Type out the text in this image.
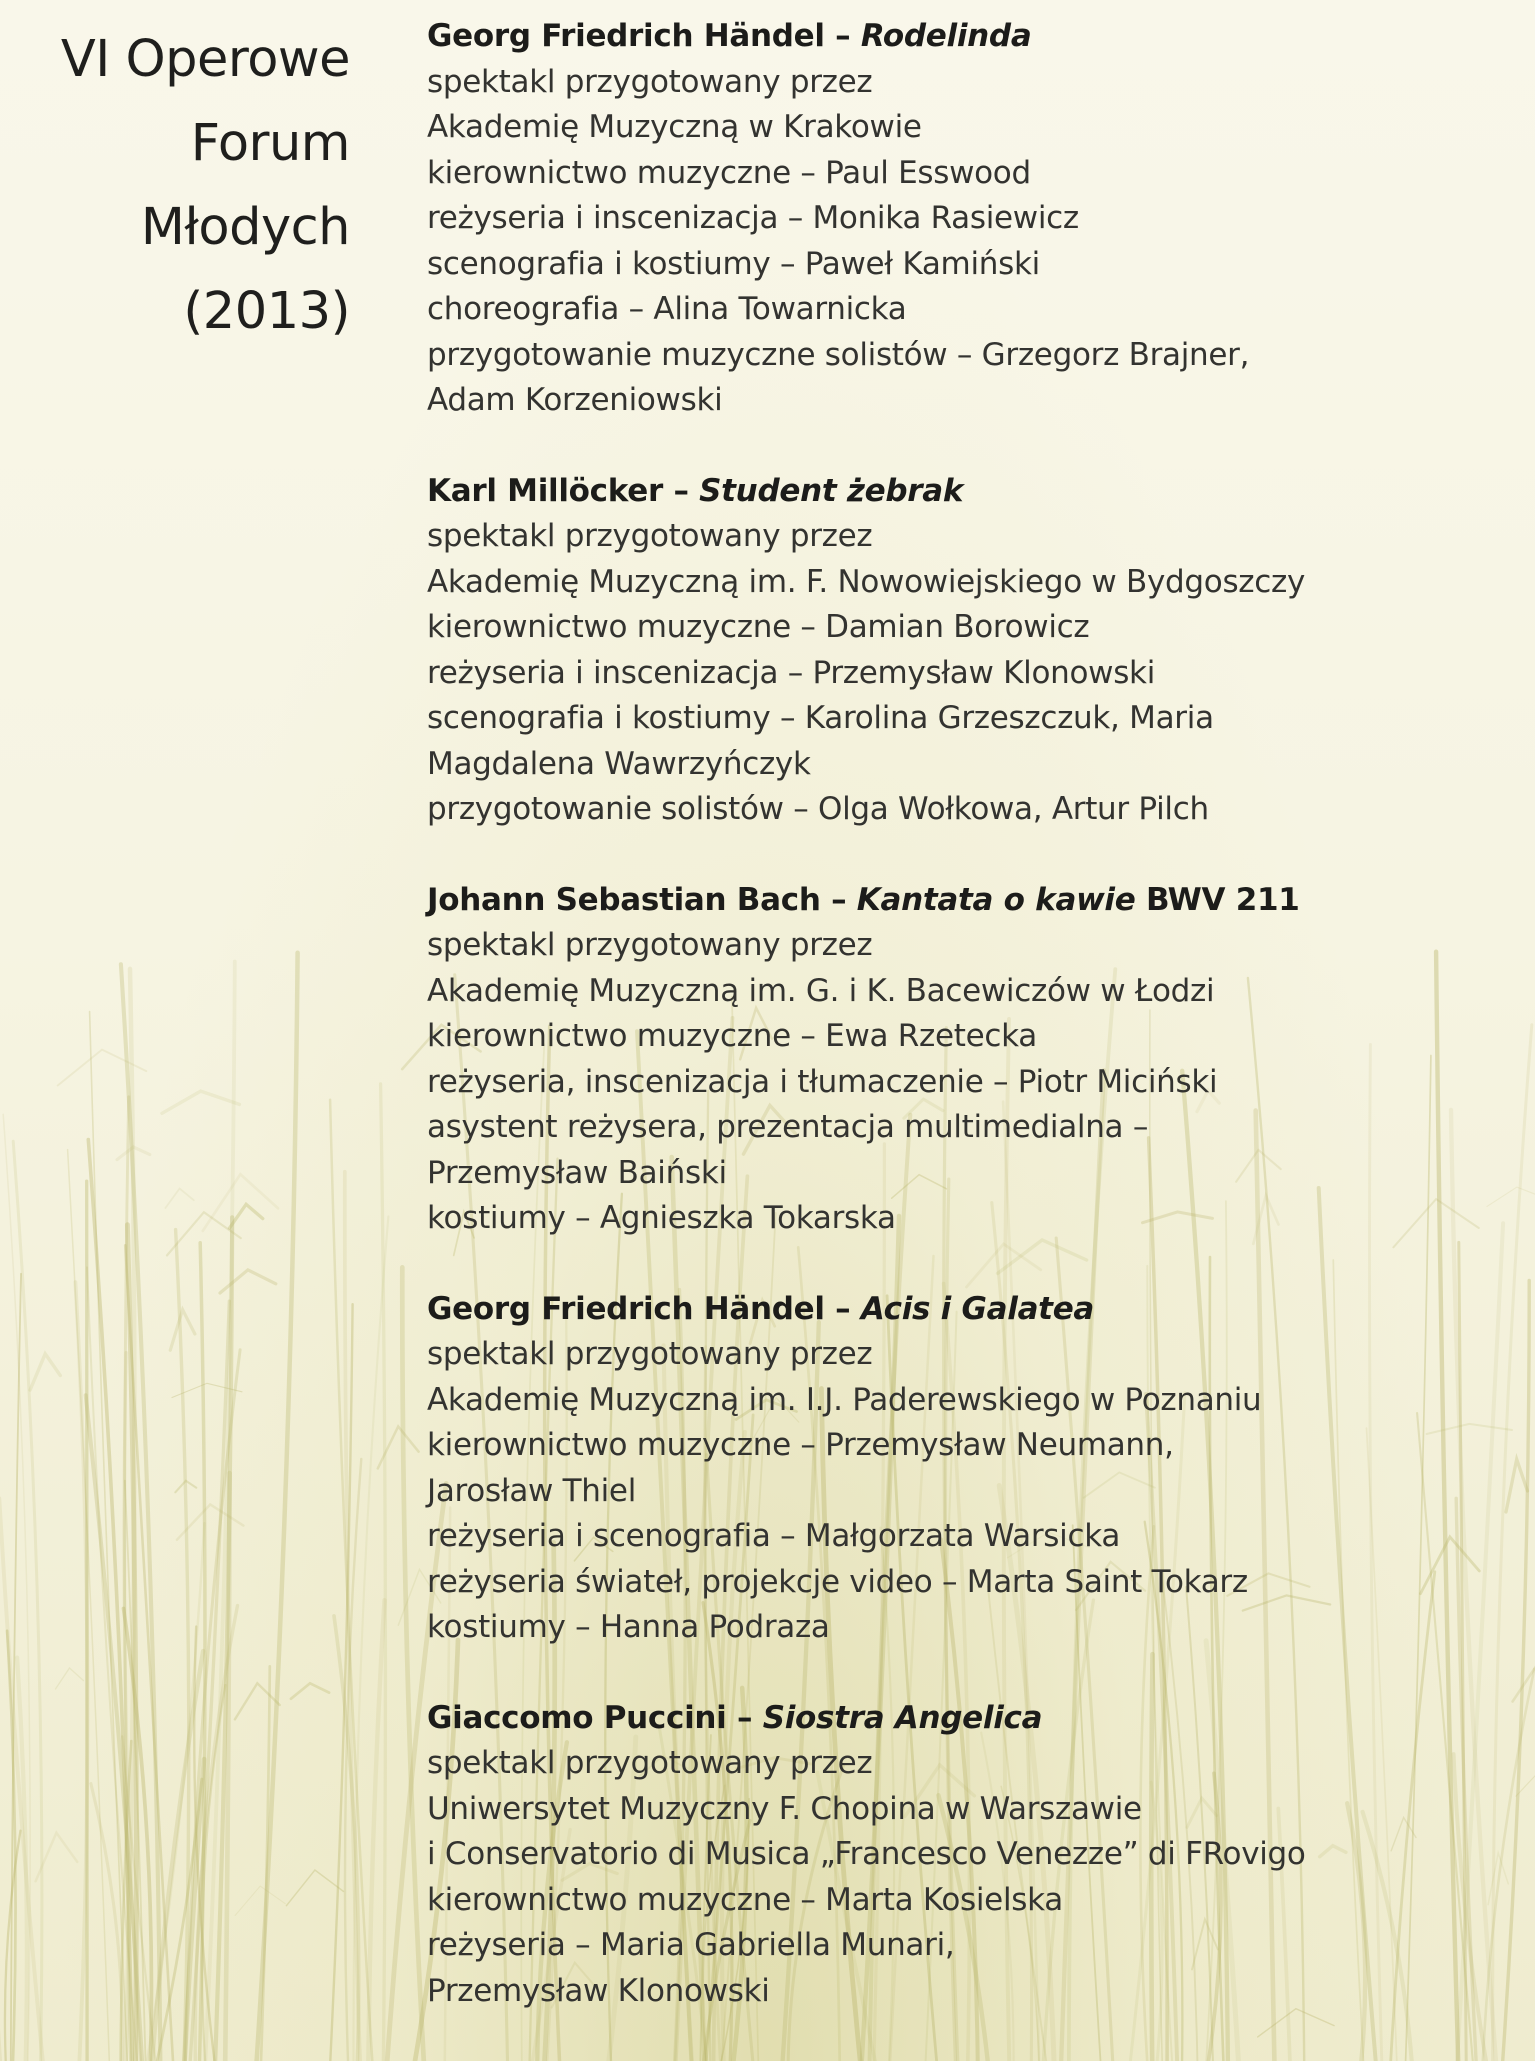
VI Operowe
Forum
Młodych
(2013)
Georg Friedrich Händel – Rodelinda
spektakl przygotowany przez
Akademię Muzyczną w Krakowie
kierownictwo muzyczne – Paul Esswood
reżyseria i inscenizacja – Monika Rasiewicz
scenografia i kostiumy – Paweł Kamiński
choreografia – Alina Towarnicka
przygotowanie muzyczne solistów – Grzegorz Brajner,
Adam Korzeniowski
Karl Millöcker – Student żebrak
spektakl przygotowany przez
Akademię Muzyczną im. F. Nowowiejskiego w Bydgoszczy
kierownictwo muzyczne – Damian Borowicz
reżyseria i inscenizacja – Przemysław Klonowski
scenografia i kostiumy – Karolina Grzeszczuk, Maria
Magdalena Wawrzyńczyk
przygotowanie solistów – Olga Wołkowa, Artur Pilch
Johann Sebastian Bach – Kantata o kawie BWV 211
spektakl przygotowany przez
Akademię Muzyczną im. G. i K. Bacewiczów w Łodzi
kierownictwo muzyczne – Ewa Rzetecka
reżyseria, inscenizacja i tłumaczenie – Piotr Miciński
asystent reżysera, prezentacja multimedialna –
Przemysław Baiński
kostiumy – Agnieszka Tokarska
Georg Friedrich Händel – Acis i Galatea
spektakl przygotowany przez
Akademię Muzyczną im. I.J. Paderewskiego w Poznaniu
kierownictwo muzyczne – Przemysław Neumann,
Jarosław Thiel
reżyseria i scenografia – Małgorzata Warsicka
reżyseria świateł, projekcje video – Marta Saint Tokarz
kostiumy – Hanna Podraza
Giaccomo Puccini – Siostra Angelica
spektakl przygotowany przez
Uniwersytet Muzyczny F. Chopina w Warszawie
i Conservatorio di Musica „Francesco Venezze” di FRovigo
kierownictwo muzyczne – Marta Kosielska
reżyseria – Maria Gabriella Munari,
Przemysław Klonowski
